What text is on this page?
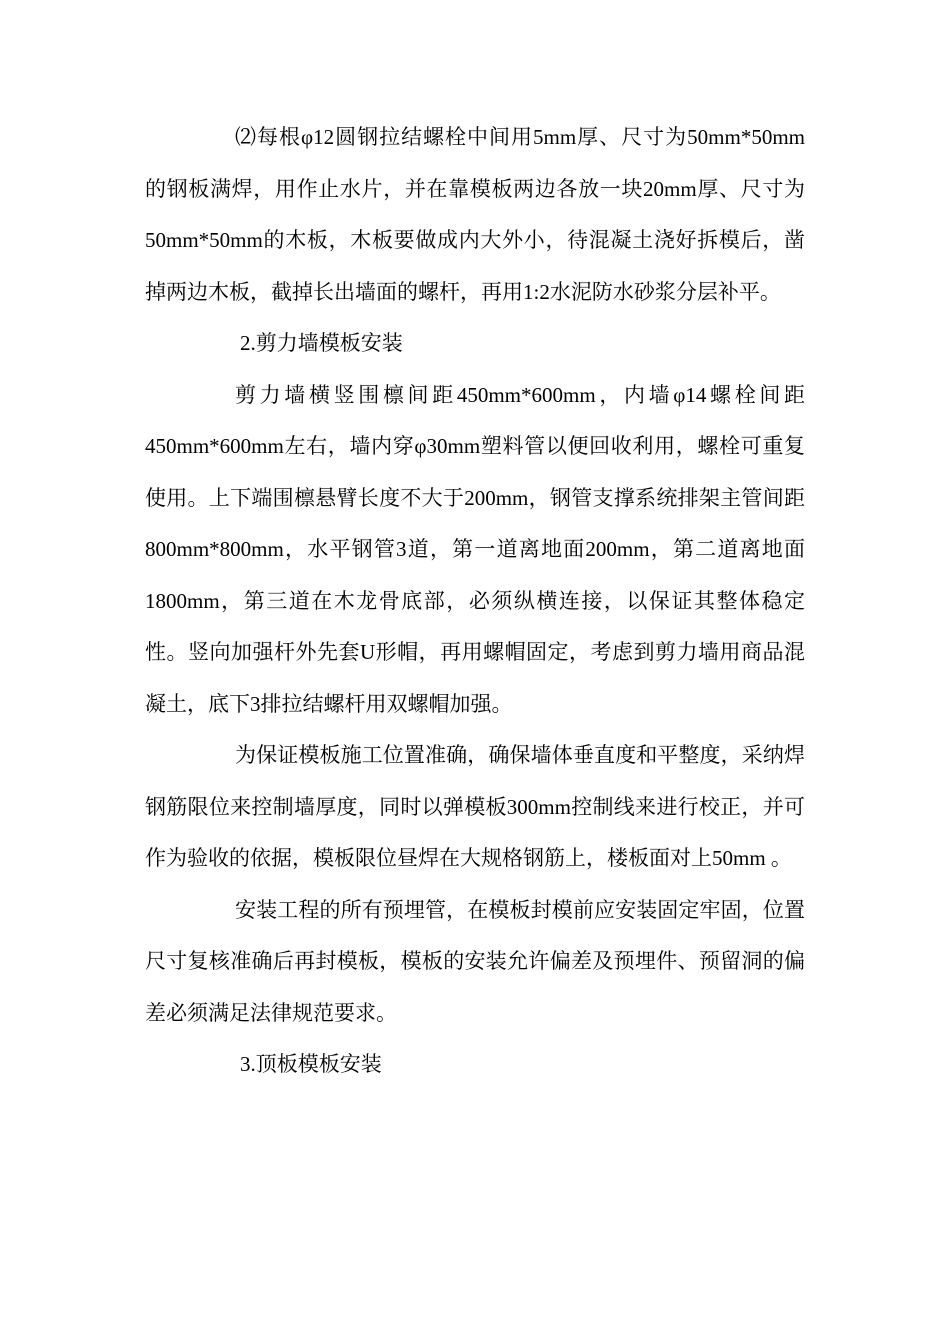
⑵每根φ12圆钢拉结螺栓中间用5mm厚、尺寸为50mm*50mm的钢板满焊，用作止水片，并在靠模板两边各放一块20mm厚、尺寸为50mm*50mm的木板，木板要做成内大外小，待混凝土浇好拆模后，凿掉两边木板，截掉长出墙面的螺杆，再用1:2水泥防水砂浆分层补平。

2.剪力墙模板安装

剪力墙横竖围檩间距450mm*600mm，内墙φ14螺栓间距450mm*600mm左右，墙内穿φ30mm塑料管以便回收利用，螺栓可重复使用。上下端围檩悬臂长度不大于200mm，钢管支撑系统排架主管间距800mm*800mm，水平钢管3道，第一道离地面200mm，第二道离地面1800mm，第三道在木龙骨底部，必须纵横连接，以保证其整体稳定性。竖向加强杆外先套U形帽，再用螺帽固定，考虑到剪力墙用商品混凝土，底下3排拉结螺杆用双螺帽加强。

为保证模板施工位置准确，确保墙体垂直度和平整度，采纳焊钢筋限位来控制墙厚度，同时以弹模板300mm控制线来进行校正，并可作为验收的依据，模板限位昼焊在大规格钢筋上，楼板面对上50mm 。

安装工程的所有预埋管，在模板封模前应安装固定牢固，位置尺寸复核准确后再封模板，模板的安装允许偏差及预埋件、预留洞的偏差必须满足法律规范要求。

3.顶板模板安装
